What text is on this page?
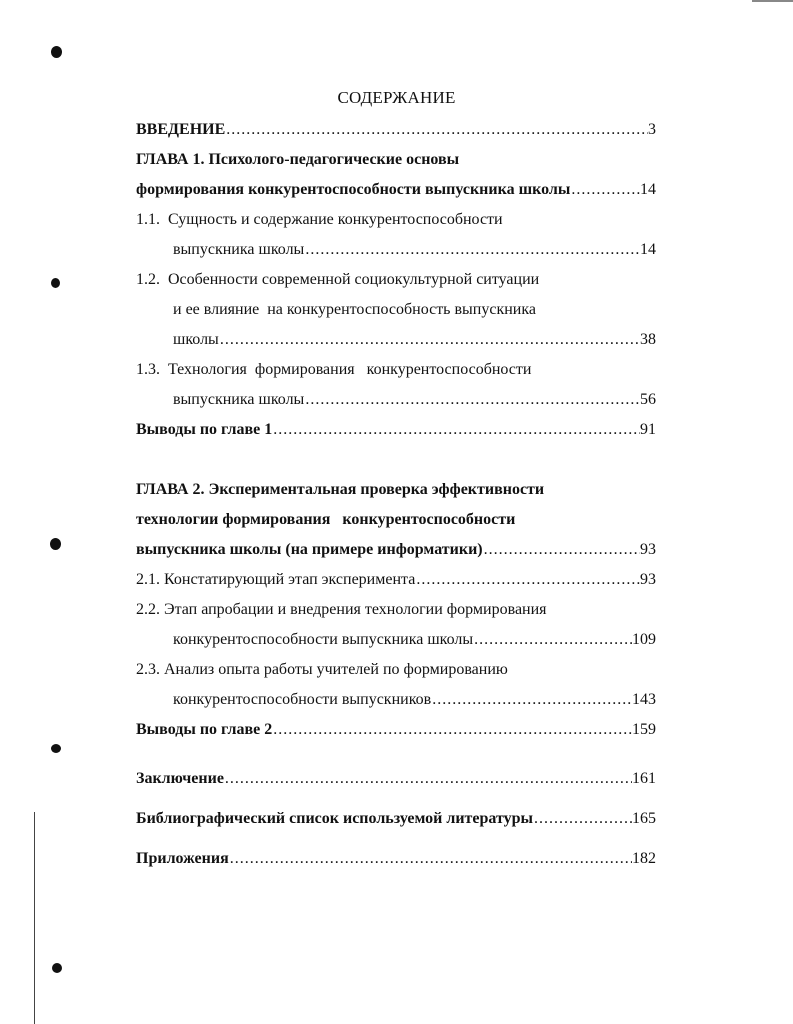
СОДЕРЖАНИЕ
ВВЕДЕНИЕ .....	3
ГЛАВА 1. Психолого-педагогические основы
формирования конкурентоспособности выпускника школы .....	14
1.1.  Сущность и содержание конкурентоспособности
выпускника школы .....	14
1.2.  Особенности современной социокультурной ситуации
и ее влияние  на конкурентоспособность выпускника
школы .....	38
1.3.  Технология  формирования   конкурентоспособности
выпускника школы .....	56
Выводы по главе 1 .....	91
ГЛАВА 2. Экспериментальная проверка эффективности
технологии формирования   конкурентоспособности
выпускника школы (на примере информатики) .....	93
2.1. Констатирующий этап эксперимента .....	93
2.2. Этап апробации и внедрения технологии формирования
конкурентоспособности выпускника школы .....	109
2.3. Анализ опыта работы учителей по формированию
конкурентоспособности выпускников .....	143
Выводы по главе 2 .....	159
Заключение .....	161
Библиографический список используемой литературы .....	165
Приложения .....	182
